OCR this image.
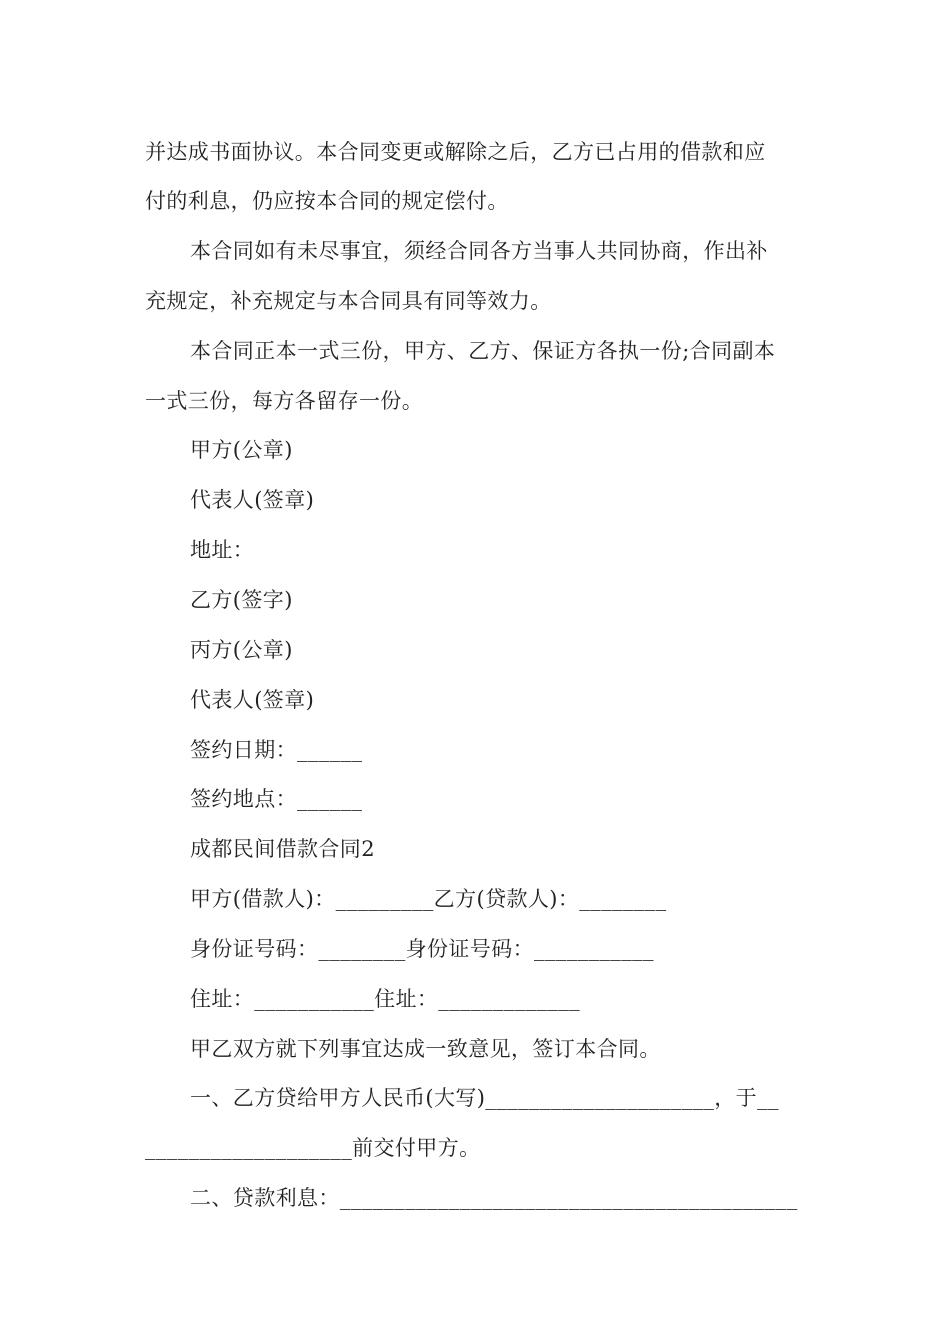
并达成书面协议。本合同变更或解除之后，乙方已占用的借款和应
付的利息，仍应按本合同的规定偿付。
本合同如有未尽事宜，须经合同各方当事人共同协商，作出补
充规定，补充规定与本合同具有同等效力。
本合同正本一式三份，甲方、乙方、保证方各执一份;合同副本
一式三份，每方各留存一份。
甲方(公章)
代表人(签章)
地址：
乙方(签字)
丙方(公章)
代表人(签章)
签约日期：______
签约地点：______
成都民间借款合同2
甲方(借款人)：_________乙方(贷款人)：________
身份证号码：________身份证号码：___________
住址：___________住址：_____________
甲乙双方就下列事宜达成一致意见，签订本合同。
一、乙方贷给甲方人民币(大写)_____________________，于__
___________________前交付甲方。
二、贷款利息：__________________________________________
